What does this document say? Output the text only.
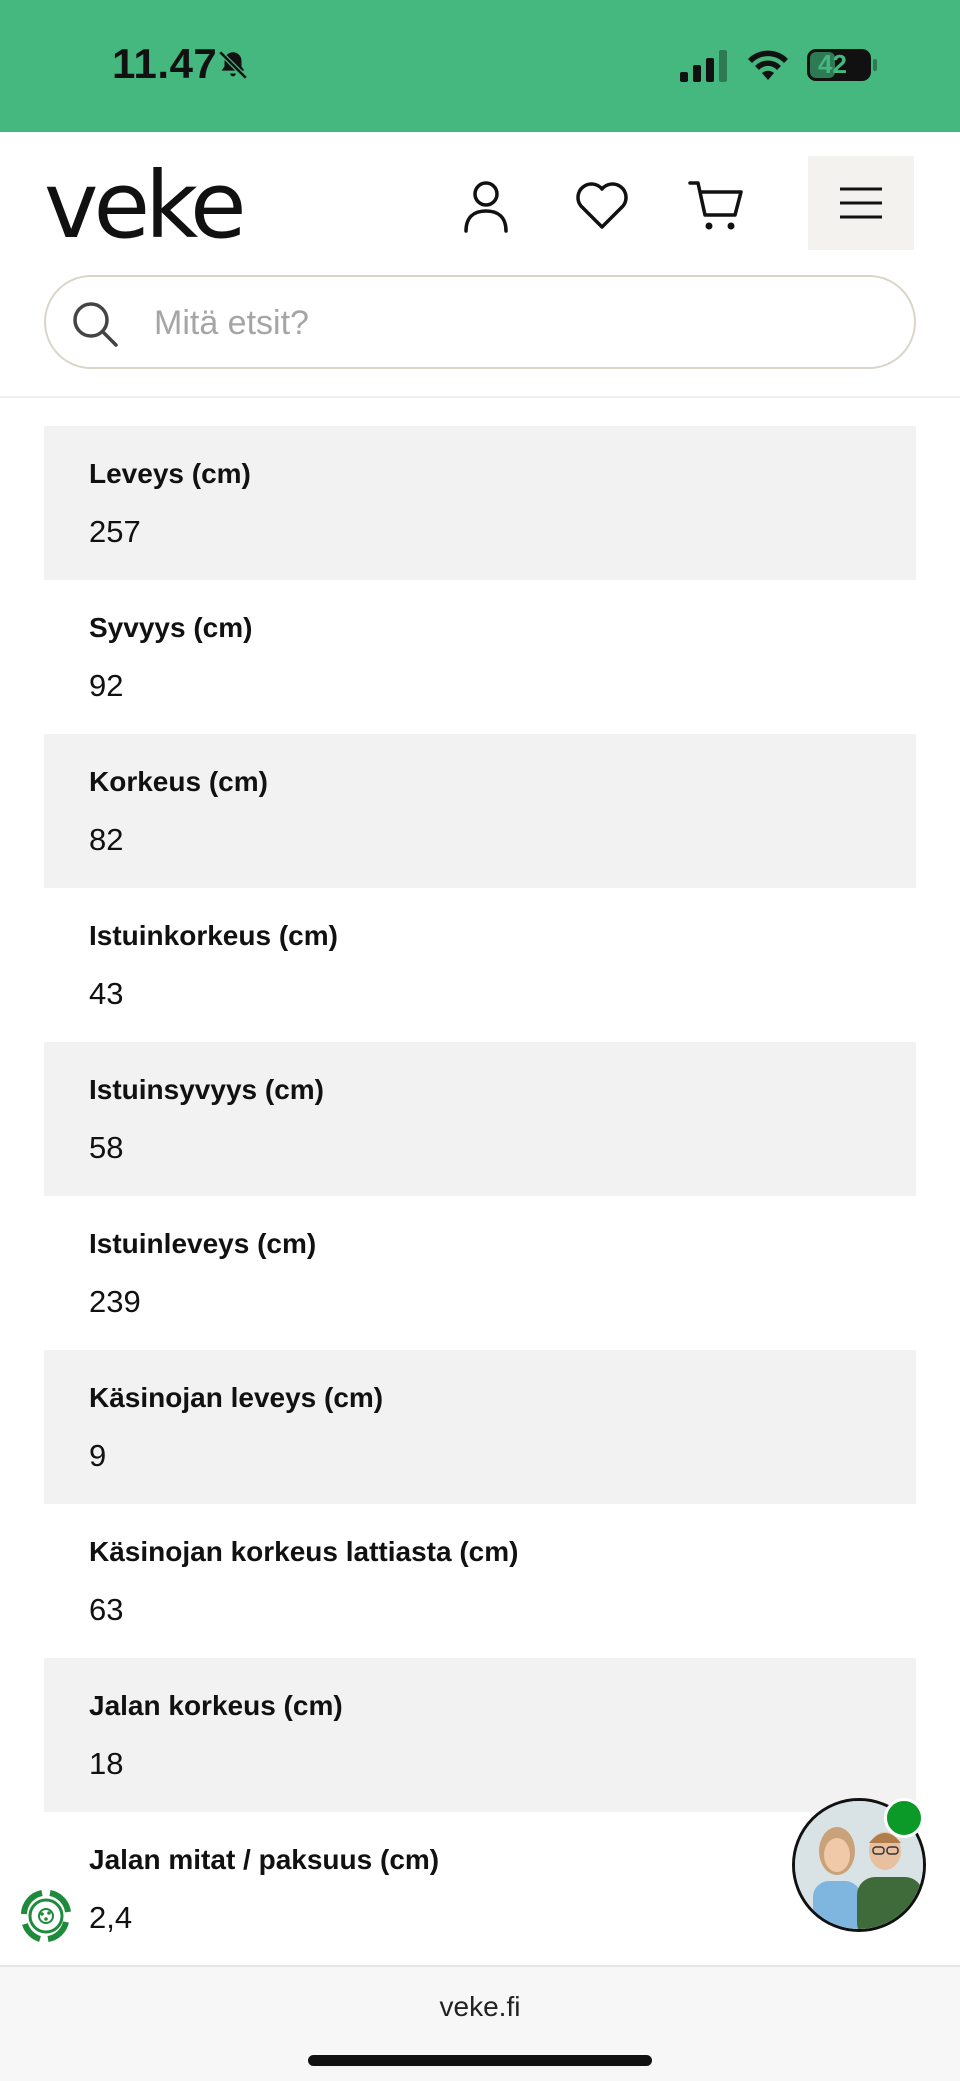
11.47	42
veke
Mitä etsit?
Leveys (cm)
257
Syvyys (cm)
92
Korkeus (cm)
82
Istuinkorkeus (cm)
43
Istuinsyvyys (cm)
58
Istuinleveys (cm)
239
Käsinojan leveys (cm)
9
Käsinojan korkeus lattiasta (cm)
63
Jalan korkeus (cm)
18
Jalan mitat / paksuus (cm)
2,4
veke.fi
